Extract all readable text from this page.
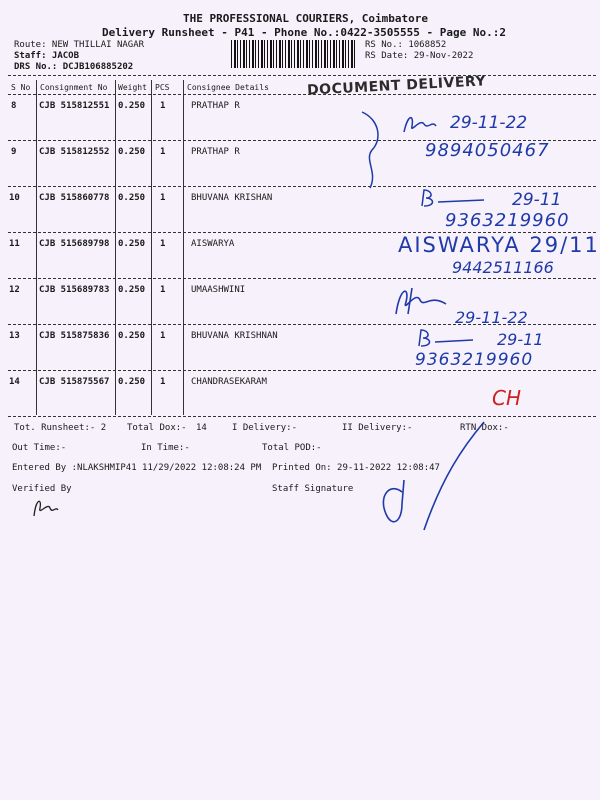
THE PROFESSIONAL COURIERS, Coimbatore
Delivery Runsheet - P41 - Phone No.:0422-3505555 - Page No.:2
Route: NEW THILLAI NAGAR
Staff: JACOB
DRS No.: DCJB106885202
RS No.: 1068852
RS Date: 29-Nov-2022
S No Consignment No Weight PCS Consignee Details	DOCUMENT DELIVERY
8	CJB 515812551 0.250 1	PRATHAP R
9	CJB 515812552 0.250 1	PRATHAP R
10 CJB 515860778 0.250 1	BHUVANA KRISHAN
11 CJB 515689798 0.250 1	AISWARYA
12 CJB 515689783 0.250 1	UMAASHWINI
13 CJB 515875836 0.250 1	BHUVANA KRISHNAN
14 CJB 515875567 0.250 1	CHANDRASEKARAM
29-11-22
9894050467
29-11
9363219960
AISWARYA 29/11
9442511166
29-11-22
29-11
9363219960
CH
Tot. Runsheet:- 2 Total Dox:- 14	I Delivery:-	II Delivery:-	RTN Dox:-
Out Time:-	In Time:-	Total POD:-
Entered By :NLAKSHMIP41 11/29/2022 12:08:24 PM Printed On: 29-11-2022 12:08:47
Verified By	Staff Signature
